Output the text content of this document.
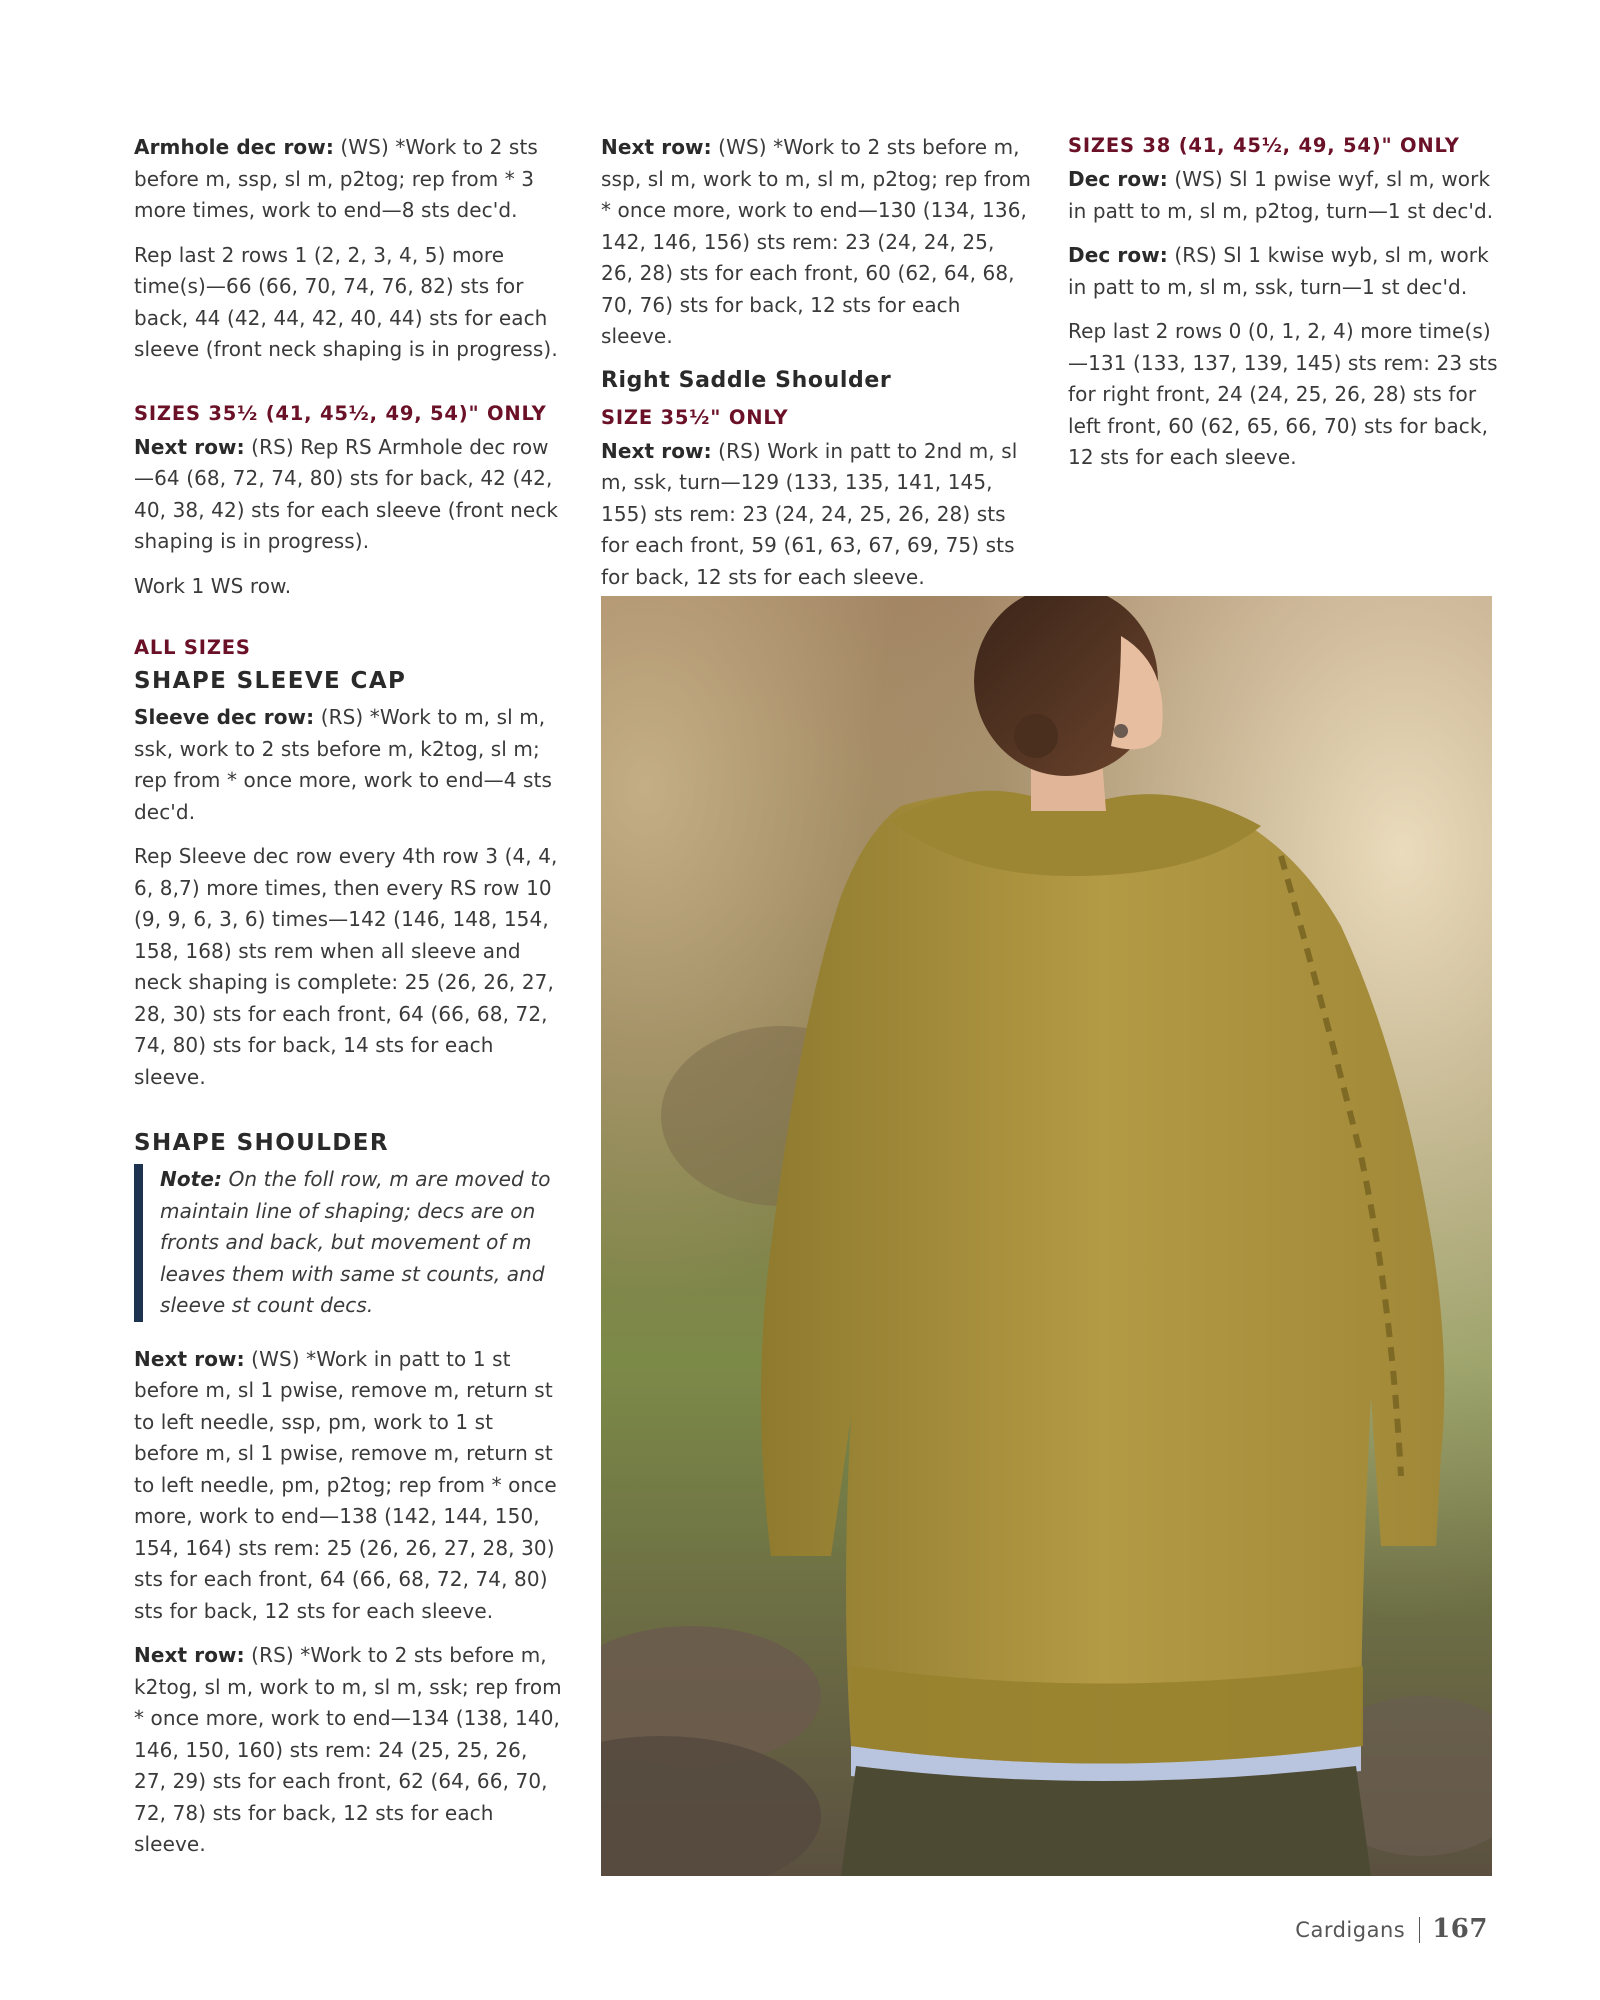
Armhole dec row: (WS) *Work to 2 sts before m, ssp, sl m, p2tog; rep from * 3 more times, work to end—8 sts dec'd.

Rep last 2 rows 1 (2, 2, 3, 4, 5) more time(s)—66 (66, 70, 74, 76, 82) sts for back, 44 (42, 44, 42, 40, 44) sts for each sleeve (front neck shaping is in progress).

SIZES 35½ (41, 45½, 49, 54)" ONLY

Next row: (RS) Rep RS Armhole dec row—64 (68, 72, 74, 80) sts for back, 42 (42, 40, 38, 42) sts for each sleeve (front neck shaping is in progress).

Work 1 WS row.

ALL SIZES
SHAPE SLEEVE CAP

Sleeve dec row: (RS) *Work to m, sl m, ssk, work to 2 sts before m, k2tog, sl m; rep from * once more, work to end—4 sts dec'd.

Rep Sleeve dec row every 4th row 3 (4, 4, 6, 8,7) more times, then every RS row 10 (9, 9, 6, 3, 6) times—142 (146, 148, 154, 158, 168) sts rem when all sleeve and neck shaping is complete: 25 (26, 26, 27, 28, 30) sts for each front, 64 (66, 68, 72, 74, 80) sts for back, 14 sts for each sleeve.

SHAPE SHOULDER

Note: On the foll row, m are moved to maintain line of shaping; decs are on fronts and back, but movement of m leaves them with same st counts, and sleeve st count decs.

Next row: (WS) *Work in patt to 1 st before m, sl 1 pwise, remove m, return st to left needle, ssp, pm, work to 1 st before m, sl 1 pwise, remove m, return st to left needle, pm, p2tog; rep from * once more, work to end—138 (142, 144, 150, 154, 164) sts rem: 25 (26, 26, 27, 28, 30) sts for each front, 64 (66, 68, 72, 74, 80) sts for back, 12 sts for each sleeve.

Next row: (RS) *Work to 2 sts before m, k2tog, sl m, work to m, sl m, ssk; rep from * once more, work to end—134 (138, 140, 146, 150, 160) sts rem: 24 (25, 25, 26, 27, 29) sts for each front, 62 (64, 66, 70, 72, 78) sts for back, 12 sts for each sleeve.

Next row: (WS) *Work to 2 sts before m, ssp, sl m, work to m, sl m, p2tog; rep from * once more, work to end—130 (134, 136, 142, 146, 156) sts rem: 23 (24, 24, 25, 26, 28) sts for each front, 60 (62, 64, 68, 70, 76) sts for back, 12 sts for each sleeve.

Right Saddle Shoulder
SIZE 35½" ONLY

Next row: (RS) Work in patt to 2nd m, sl m, ssk, turn—129 (133, 135, 141, 145, 155) sts rem: 23 (24, 24, 25, 26, 28) sts for each front, 59 (61, 63, 67, 69, 75) sts for back, 12 sts for each sleeve.

SIZES 38 (41, 45½, 49, 54)" ONLY

Dec row: (WS) Sl 1 pwise wyf, sl m, work in patt to m, sl m, p2tog, turn—1 st dec'd.

Dec row: (RS) Sl 1 kwise wyb, sl m, work in patt to m, sl m, ssk, turn—1 st dec'd.

Rep last 2 rows 0 (0, 1, 2, 4) more time(s)—131 (133, 137, 139, 145) sts rem: 23 sts for right front, 24 (24, 25, 26, 28) sts for left front, 60 (62, 65, 66, 70) sts for back, 12 sts for each sleeve.

Cardigans 167
